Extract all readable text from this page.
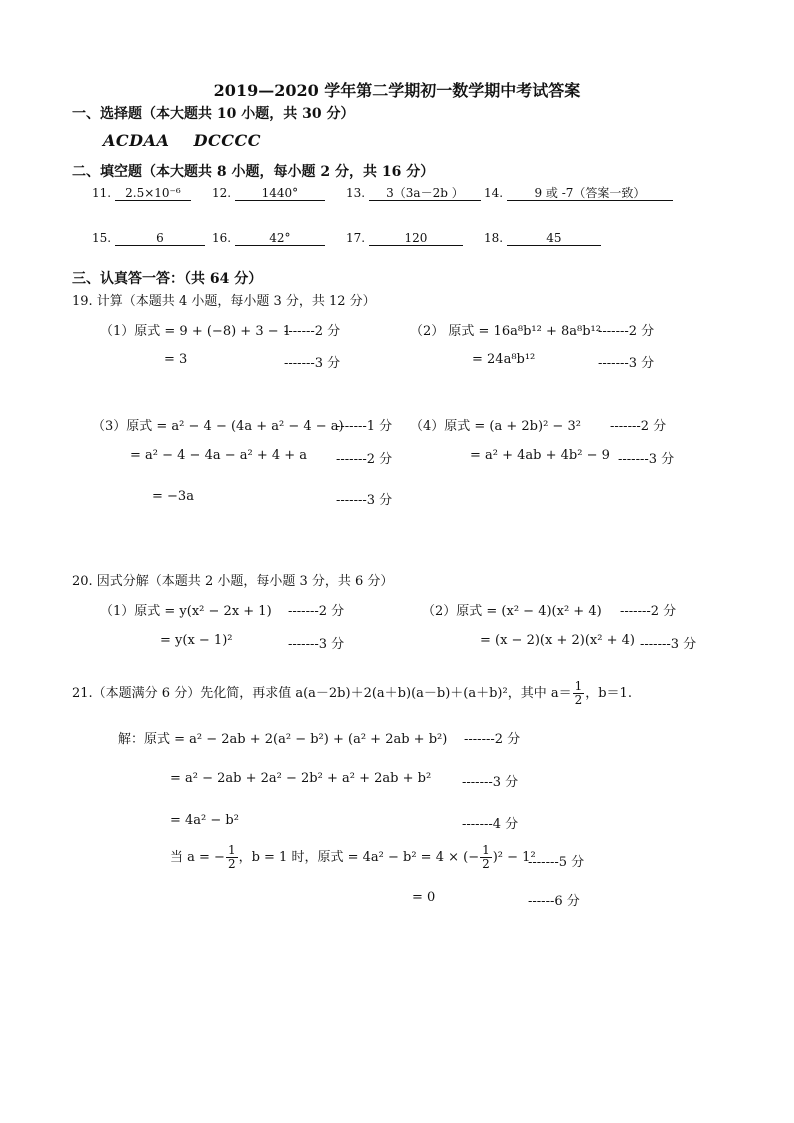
2019—2020 学年第二学期初一数学期中考试答案
一、选择题（本大题共 10 小题，共 30 分）
ACDAA    DCCCC
二、填空题（本大题共 8 小题，每小题 2 分，共 16 分）
11. 2.5×10⁻⁶	12.	1440°	13. 3（3a－2b ）	14.	9 或 -7（答案一致）
15.	6	16.	42°	17.	120	18.	45
三、认真答一答：（共 64 分）
19. 计算（本题共 4 小题，每小题 3 分，共 12 分）
（1）原式 = 9 + (−8) + 3 − 1
-------2 分
= 3	-------3 分
（2） 原式 = 16a⁸b¹² + 8a⁸b¹²
-------2 分
= 24a⁸b¹²	-------3 分
（3）原式 = a² − 4 − (4a + a² − 4 − a)
-------1 分
= a² − 4 − 4a − a² + 4 + a -------2 分
= −3a	-------3 分
（4）原式 = (a + 2b)² − 3² -------2 分
= a² + 4ab + 4b² − 9 -------3 分
20. 因式分解（本题共 2 小题，每小题 3 分，共 6 分）
（1）原式 = y(x² − 2x + 1) -------2 分
= y(x − 1)²	-------3 分
（2）原式 = (x² − 4)(x² + 4) -------2 分
= (x − 2)(x + 2)(x² + 4) -------3 分
21.（本题满分 6 分）先化简，再求值 a(a－2b)＋2(a＋b)(a－b)＋(a＋b)²，其中 $a= \frac{1}{2}$ ，b＝1.
解：原式 = a² − 2ab + 2(a² − b²) + (a² + 2ab + b²) -------2 分
= a² − 2ab + 2a² − 2b² + a² + 2ab + b² -------3 分
= 4a² − b²	-------4 分
当 a = − $\frac{1}{2}$ ，b = 1 时，原式 = 4a² − b² = 4 × (− $\frac{1}{2} )^2 - 1^2$
-------5 分
= 0	------6 分
